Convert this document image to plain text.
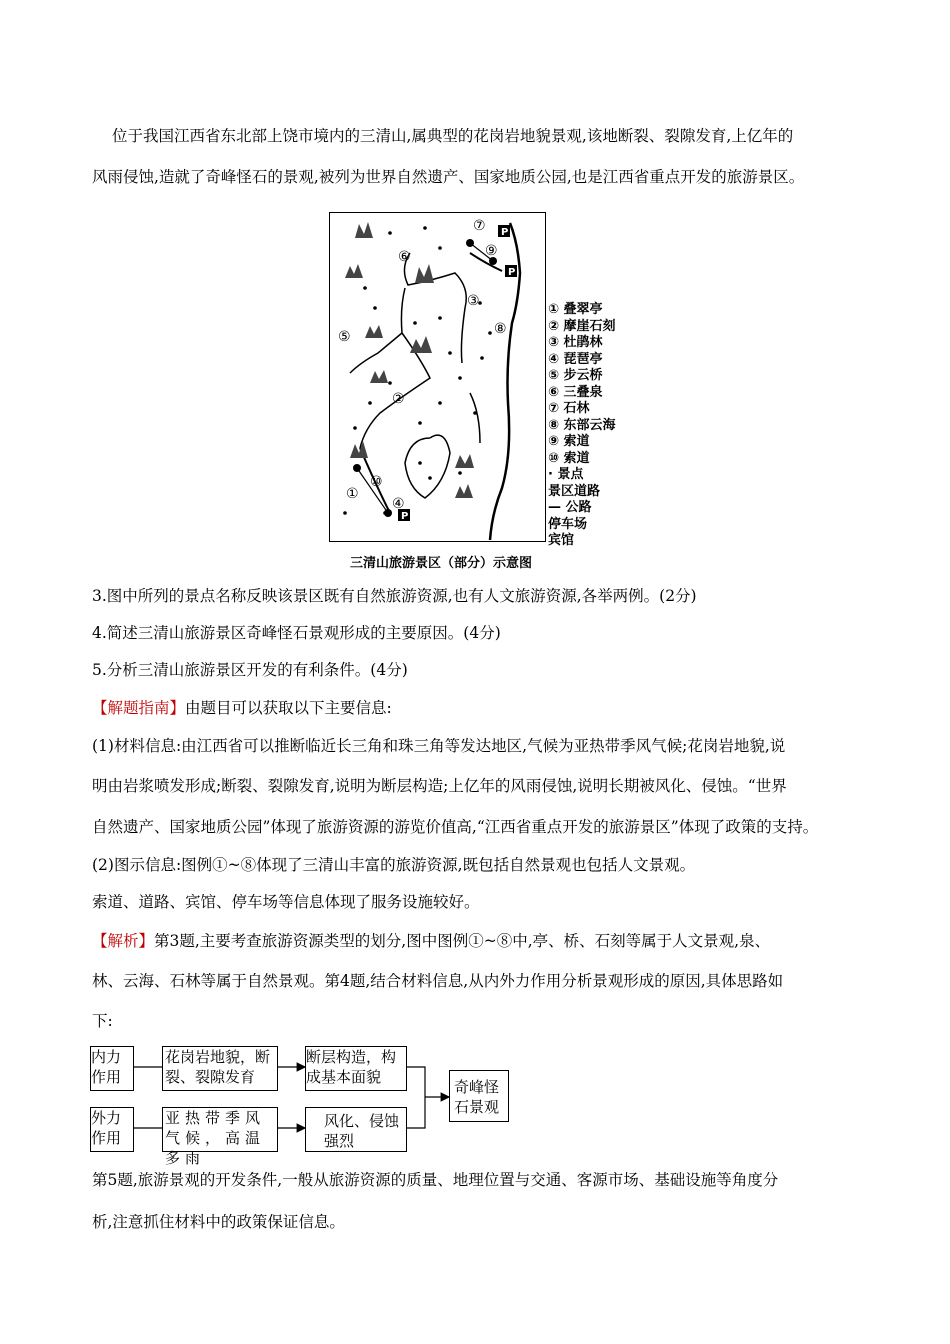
位于我国江西省东北部上饶市境内的三清山,属典型的花岗岩地貌景观,该地断裂、裂隙发育,上亿年的
风雨侵蚀,造就了奇峰怪石的景观,被列为世界自然遗产、国家地质公园,也是江西省重点开发的旅游景区。
P
P
P
①
②
③
④
⑤
⑥
⑦
⑧
⑨
⑩
① 叠翠亭
② 摩崖石刻
③ 杜鹃林
④ 琵琶亭
⑤ 步云桥
⑥ 三叠泉
⑦ 石林
⑧ 东部云海
⑨ 索道
⑩ 索道
· 景点
景区道路
— 公路
停车场
宾馆
三清山旅游景区（部分）示意图
3.图中所列的景点名称反映该景区既有自然旅游资源,也有人文旅游资源,各举两例。(2分)
4.简述三清山旅游景区奇峰怪石景观形成的主要原因。(4分)
5.分析三清山旅游景区开发的有利条件。(4分)
【解题指南】由题目可以获取以下主要信息:
(1)材料信息:由江西省可以推断临近长三角和珠三角等发达地区,气候为亚热带季风气候;花岗岩地貌,说
明由岩浆喷发形成;断裂、裂隙发育,说明为断层构造;上亿年的风雨侵蚀,说明长期被风化、侵蚀。“世界
自然遗产、国家地质公园”体现了旅游资源的游览价值高,“江西省重点开发的旅游景区”体现了政策的支持。
(2)图示信息:图例①~⑧体现了三清山丰富的旅游资源,既包括自然景观也包括人文景观。
索道、道路、宾馆、停车场等信息体现了服务设施较好。
【解析】第3题,主要考查旅游资源类型的划分,图中图例①~⑧中,亭、桥、石刻等属于人文景观,泉、
林、云海、石林等属于自然景观。第4题,结合材料信息,从内外力作用分析景观形成的原因,具体思路如
下:
内力作用
花岗岩地貌，断裂、裂隙发育
断层构造，构成基本面貌
奇峰怪石景观
外力作用
亚热带季风气候，高温多雨
风化、侵蚀强烈
第5题,旅游景观的开发条件,一般从旅游资源的质量、地理位置与交通、客源市场、基础设施等角度分
析,注意抓住材料中的政策保证信息。
